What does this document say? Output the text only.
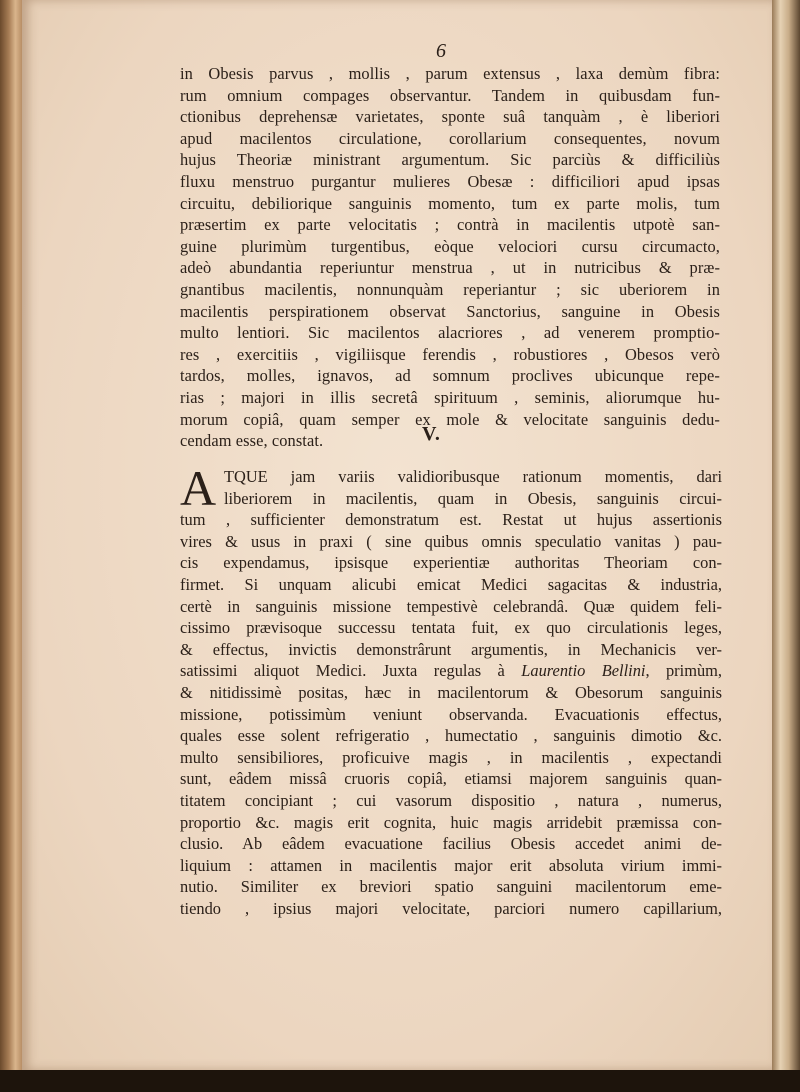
6
in Obesis parvus , mollis , parum extensus , laxa demùm fibra:
rum omnium compages observantur. Tandem in quibusdam fun-
ctionibus deprehensæ varietates, sponte suâ tanquàm , è liberiori
apud macilentos circulatione, corollarium consequentes, novum
hujus Theoriæ ministrant argumentum. Sic parciùs & difficiliùs
fluxu menstruo purgantur mulieres Obesæ : difficiliori apud ipsas
circuitu, debiliorique sanguinis momento, tum ex parte molis, tum
præsertim ex parte velocitatis ; contrà in macilentis utpotè san-
guine plurimùm turgentibus, eòque velociori cursu circumacto,
adeò abundantia reperiuntur menstrua , ut in nutricibus & præ-
gnantibus macilentis, nonnunquàm reperiantur ; sic uberiorem in
macilentis perspirationem observat Sanctorius, sanguine in Obesis
multo lentiori. Sic macilentos alacriores , ad venerem promptio-
res , exercitiis , vigiliisque ferendis , robustiores , Obesos verò
tardos, molles, ignavos, ad somnum proclives ubicunque repe-
rias ; majori in illis secretâ spirituum , seminis, aliorumque hu-
morum copiâ, quam semper ex mole & velocitate sanguinis dedu-
cendam esse, constat.	V.
A TQUE jam variis validioribusque rationum momentis, dari
liberiorem in macilentis, quam in Obesis, sanguinis circui-
tum , sufficienter demonstratum est. Restat ut hujus assertionis
vires & usus in praxi ( sine quibus omnis speculatio vanitas ) pau-
cis expendamus, ipsisque experientiæ authoritas Theoriam con-
firmet. Si unquam alicubi emicat Medici sagacitas & industria,
certè in sanguinis missione tempestivè celebrandâ. Quæ quidem feli-
cissimo prævisoque successu tentata fuit, ex quo circulationis leges,
& effectus, invictis demonstrârunt argumentis, in Mechanicis ver-
satissimi aliquot Medici. Juxta regulas à Laurentio Bellini, primùm,
& nitidissimè positas, hæc in macilentorum & Obesorum sanguinis
missione, potissimùm veniunt observanda. Evacuationis effectus,
quales esse solent refrigeratio , humectatio , sanguinis dimotio &c.
multo sensibiliores, proficuive magis , in macilentis , expectandi
sunt, eâdem missâ cruoris copiâ, etiamsi majorem sanguinis quan-
titatem concipiant ; cui vasorum dispositio , natura , numerus,
proportio &c. magis erit cognita, huic magis arridebit præmissa con-
clusio. Ab eâdem evacuatione facilius Obesis accedet animi de-
liquium : attamen in macilentis major erit absoluta virium immi-
nutio. Similiter ex breviori spatio sanguini macilentorum eme-
tiendo , ipsius majori velocitate, parciori numero capillarium,
